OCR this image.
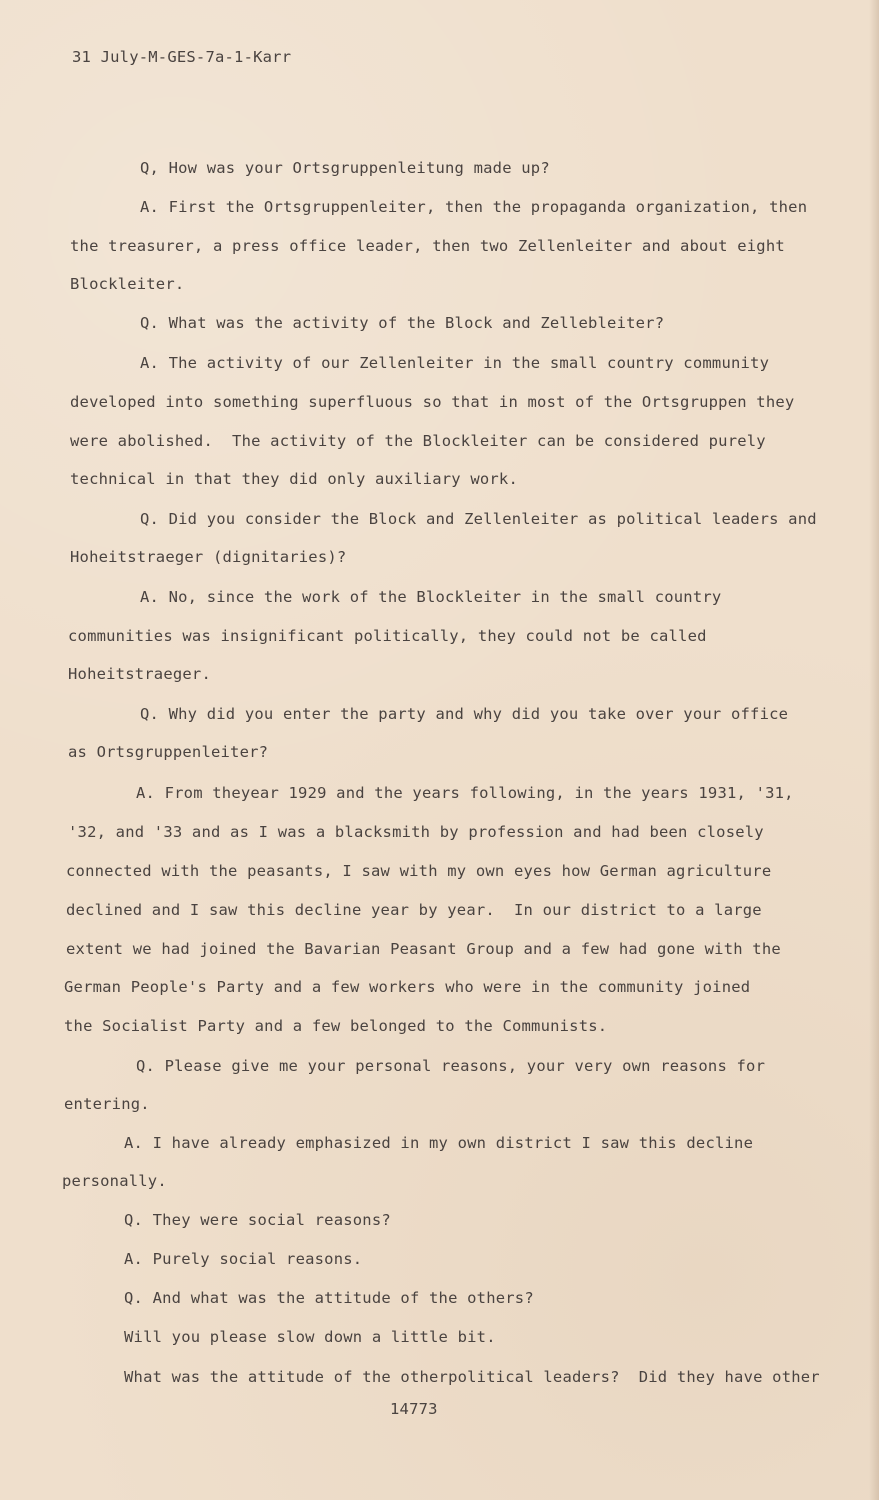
31 July-M-GES-7a-1-Karr
Q, How was your Ortsgruppenleitung made up?
A. First the Ortsgruppenleiter, then the propaganda organization, then
the treasurer, a press office leader, then two Zellenleiter and about eight
Blockleiter.
Q. What was the activity of the Block and Zellebleiter?
A. The activity of our Zellenleiter in the small country community
developed into something superfluous so that in most of the Ortsgruppen they
were abolished.  The activity of the Blockleiter can be considered purely
technical in that they did only auxiliary work.
Q. Did you consider the Block and Zellenleiter as political leaders and
Hoheitstraeger (dignitaries)?
A. No, since the work of the Blockleiter in the small country
communities was insignificant politically, they could not be called
Hoheitstraeger.
Q. Why did you enter the party and why did you take over your office
as Ortsgruppenleiter?
A. From theyear 1929 and the years following, in the years 1931, '31,
'32, and '33 and as I was a blacksmith by profession and had been closely
connected with the peasants, I saw with my own eyes how German agriculture
declined and I saw this decline year by year.  In our district to a large
extent we had joined the Bavarian Peasant Group and a few had gone with the
German People's Party and a few workers who were in the community joined
the Socialist Party and a few belonged to the Communists.
Q. Please give me your personal reasons, your very own reasons for
entering.
A. I have already emphasized in my own district I saw this decline
personally.
Q. They were social reasons?
A. Purely social reasons.
Q. And what was the attitude of the others?
Will you please slow down a little bit.
What was the attitude of the otherpolitical leaders?  Did they have other
14773
